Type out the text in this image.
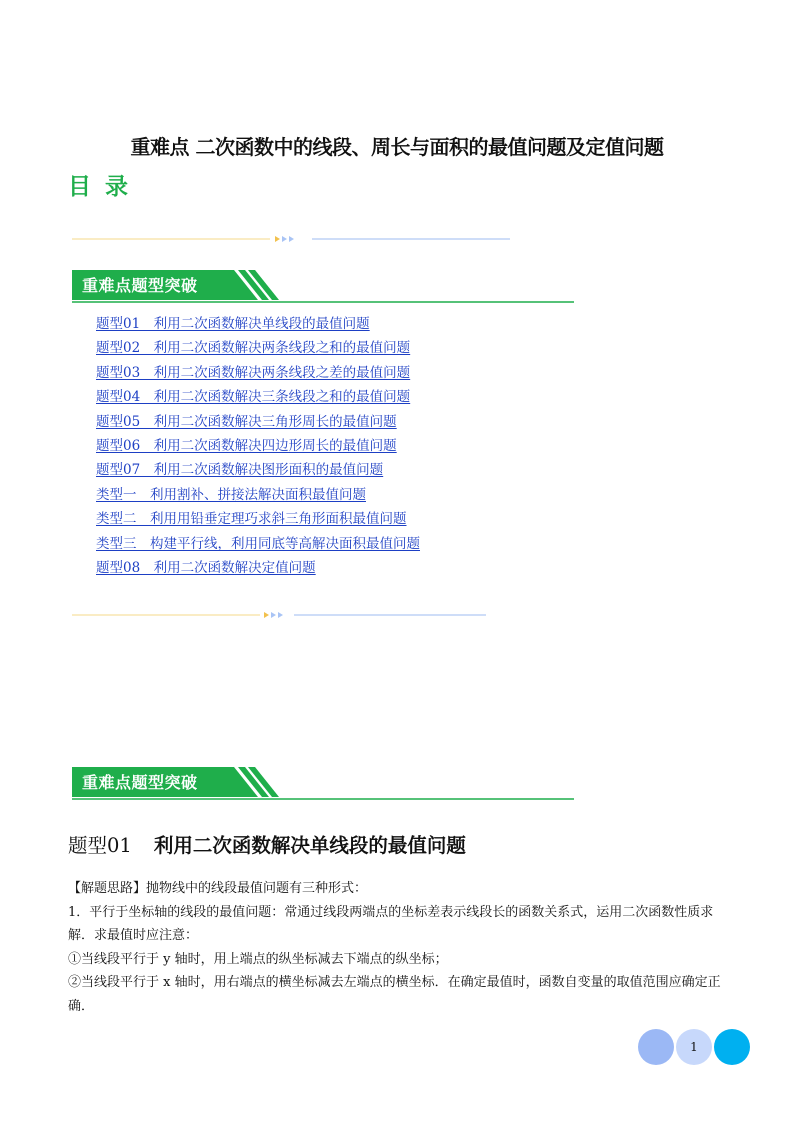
重难点 二次函数中的线段、周长与面积的最值问题及定值问题
目 录
重难点题型突破
题型01　利用二次函数解决单线段的最值问题
题型02　利用二次函数解决两条线段之和的最值问题
题型03　利用二次函数解决两条线段之差的最值问题
题型04　利用二次函数解决三条线段之和的最值问题
题型05　利用二次函数解决三角形周长的最值问题
题型06　利用二次函数解决四边形周长的最值问题
题型07　利用二次函数解决图形面积的最值问题
类型一　利用割补、拼接法解决面积最值问题
类型二　利用用铅垂定理巧求斜三角形面积最值问题
类型三　构建平行线，利用同底等高解决面积最值问题
题型08　利用二次函数解决定值问题
重难点题型突破
题型01 利用二次函数解决单线段的最值问题

【解题思路】抛物线中的线段最值问题有三种形式：

1．平行于坐标轴的线段的最值问题：常通过线段两端点的坐标差表示线段长的函数关系式，运用二次函数性质求解．求最值时应注意：

①当线段平行于 y 轴时，用上端点的纵坐标减去下端点的纵坐标；

②当线段平行于 x 轴时，用右端点的横坐标减去左端点的横坐标．在确定最值时，函数自变量的取值范围应确定正确．

1
